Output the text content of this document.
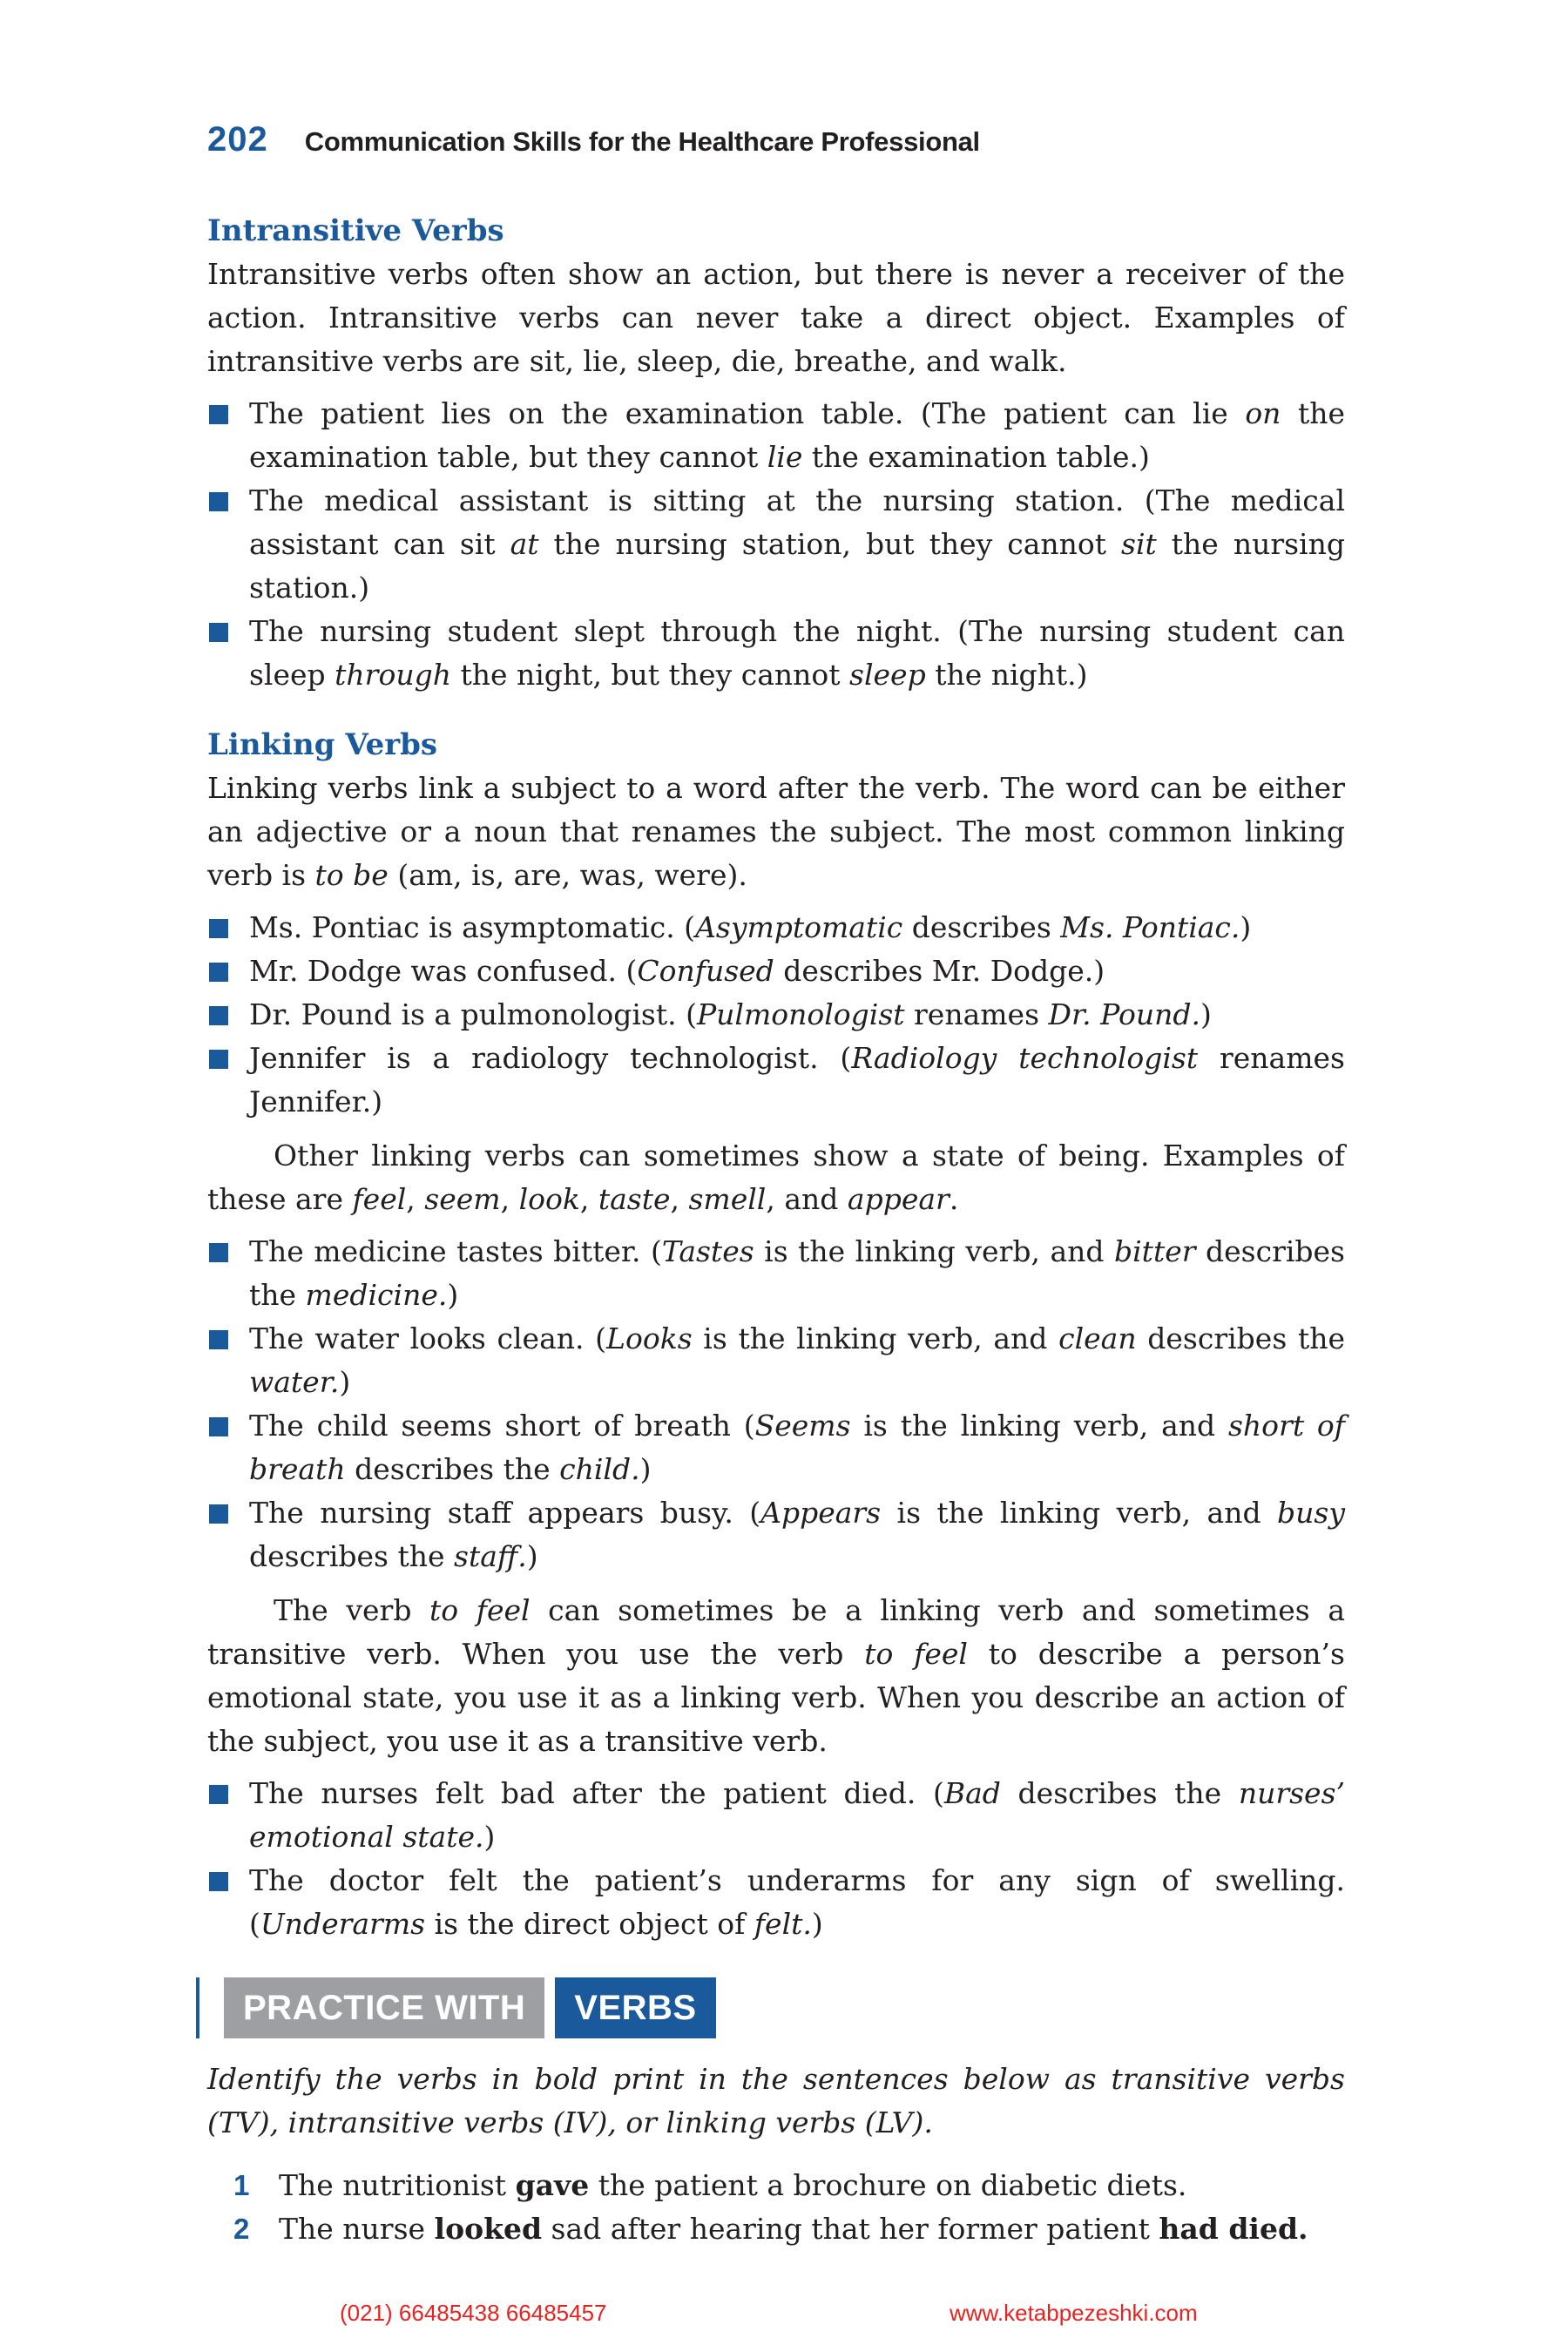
202 Communication Skills for the Healthcare Professional
Intransitive Verbs

Intransitive verbs often show an action, but there is never a receiver of the action. Intransitive verbs can never take a direct object. Examples of intransitive verbs are sit, lie, sleep, die, breathe, and walk.

The patient lies on the examination table. (The patient can lie on the examination table, but they cannot lie the examination table.)
The medical assistant is sitting at the nursing station. (The medical assistant can sit at the nursing station, but they cannot sit the nursing station.)
The nursing student slept through the night. (The nursing student can sleep through the night, but they cannot sleep the night.)
Linking Verbs

Linking verbs link a subject to a word after the verb. The word can be either an adjective or a noun that renames the subject. The most common linking verb is to be (am, is, are, was, were).

Ms. Pontiac is asymptomatic. (Asymptomatic describes Ms. Pontiac.)
Mr. Dodge was confused. (Confused describes Mr. Dodge.)
Dr. Pound is a pulmonologist. (Pulmonologist renames Dr. Pound.)
Jennifer is a radiology technologist. (Radiology technologist renames Jennifer.)

Other linking verbs can sometimes show a state of being. Examples of these are feel, seem, look, taste, smell, and appear.

The medicine tastes bitter. (Tastes is the linking verb, and bitter describes the medicine.)
The water looks clean. (Looks is the linking verb, and clean describes the water.)
The child seems short of breath (Seems is the linking verb, and short of breath describes the child.)
The nursing staff appears busy. (Appears is the linking verb, and busy describes the staff.)

The verb to feel can sometimes be a linking verb and sometimes a transitive verb. When you use the verb to feel to describe a person’s emotional state, you use it as a linking verb. When you describe an action of the subject, you use it as a transitive verb.

The nurses felt bad after the patient died. (Bad describes the nurses’ emotional state.)
The doctor felt the patient’s underarms for any sign of swelling. (Underarms is the direct object of felt.)
PRACTICE WITH	VERBS

Identify the verbs in bold print in the sentences below as transitive verbs (TV), intransitive verbs (IV), or linking verbs (LV).

1 The nutritionist gave the patient a brochure on diabetic diets.
2 The nurse looked sad after hearing that her former patient had died.
(021) 66485438 66485457	www.ketabpezeshki.com
